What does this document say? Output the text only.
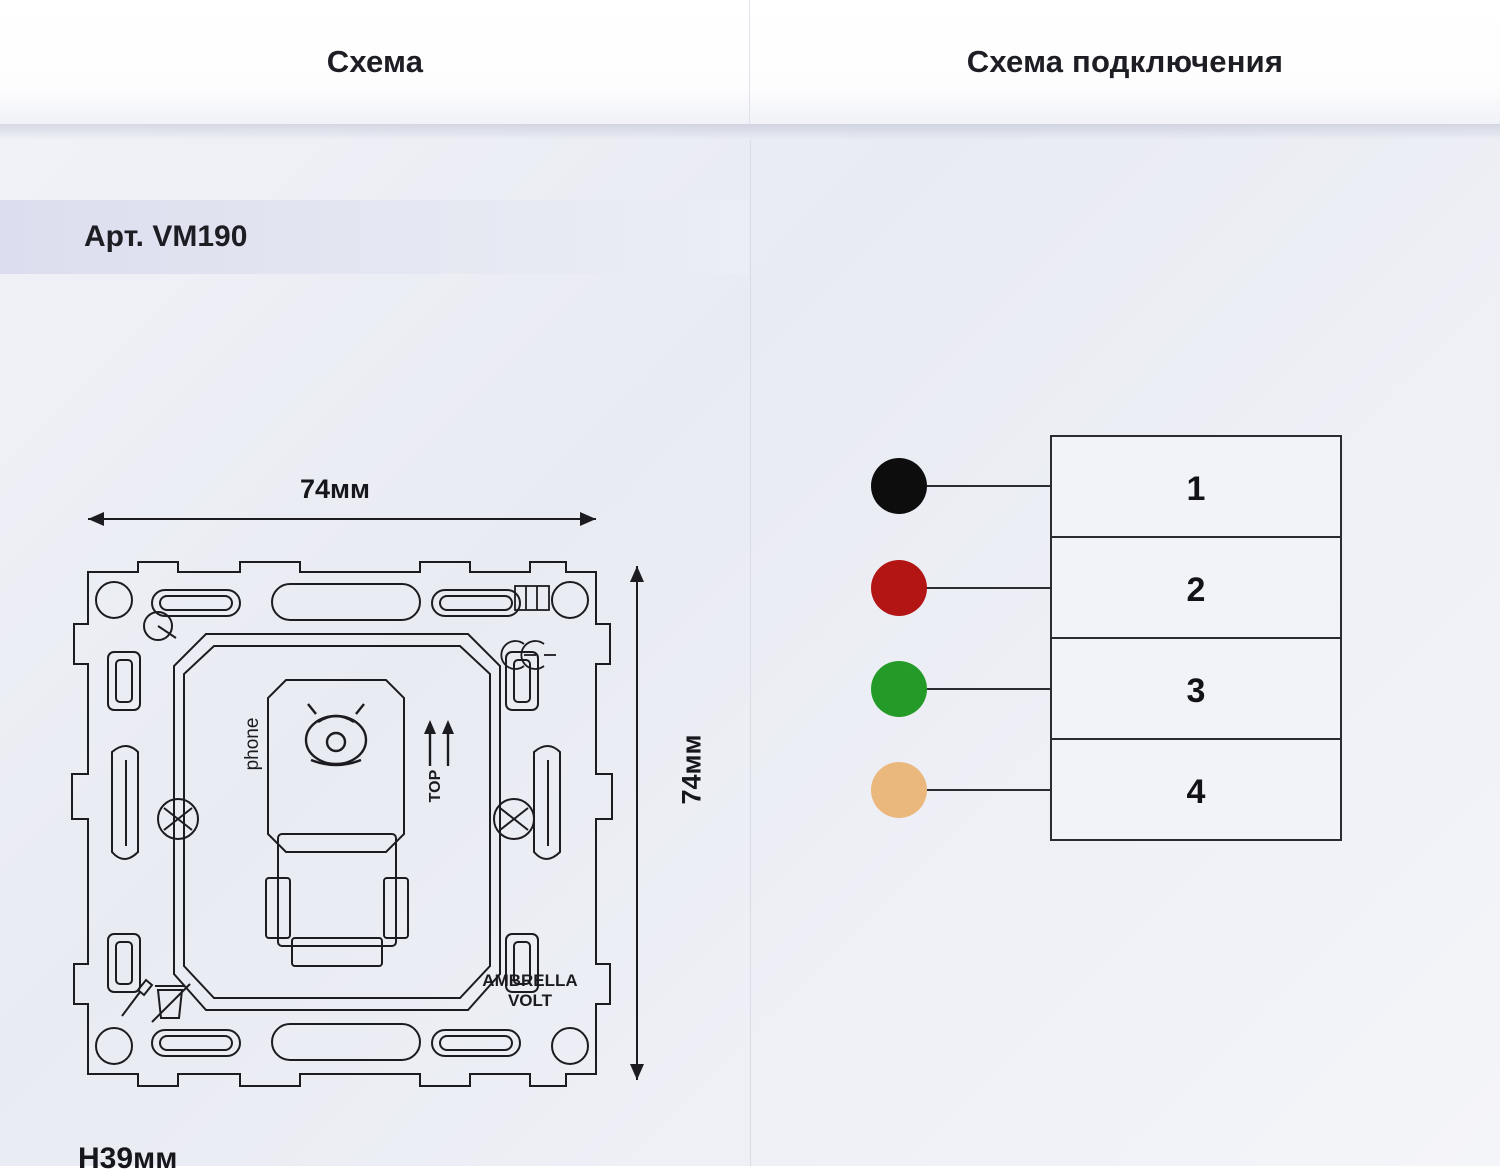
Схема	Схема подключения
Арт. VM190
74мм
74мм
H39мм
phone
TOP
AMBRELLA
VOLT
1
2
3
4
